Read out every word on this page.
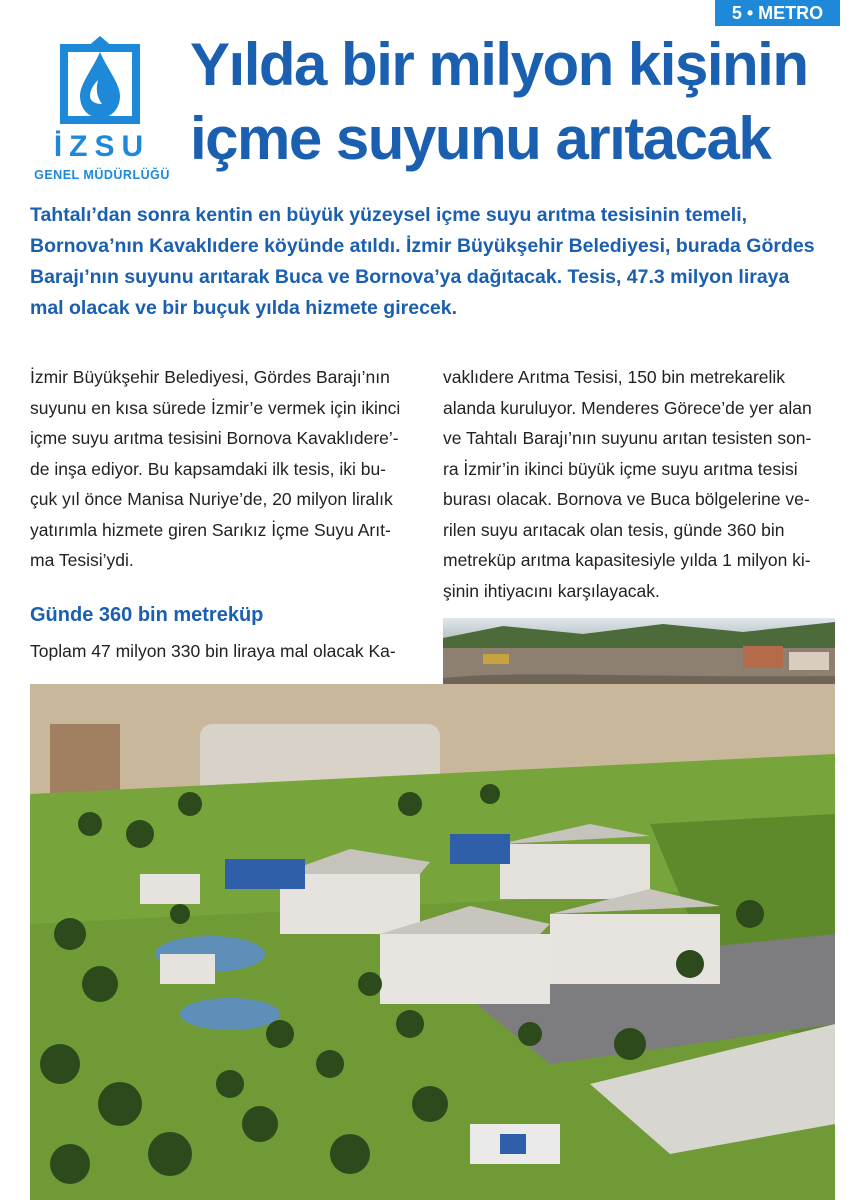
5 • METRO
İZSU
GENEL MÜDÜRLÜĞÜ
Yılda bir milyon kişinin
içme suyunu arıtacak
Tahtalı’dan sonra kentin en büyük yüzeysel içme suyu arıtma tesisinin temeli,
Bornova’nın Kavaklıdere köyünde atıldı. İzmir Büyükşehir Belediyesi, burada Gördes
Barajı’nın suyunu arıtarak Buca ve Bornova’ya dağıtacak. Tesis, 47.3 milyon liraya
mal olacak ve bir buçuk yılda hizmete girecek.
İzmir Büyükşehir Belediyesi, Gördes Barajı’nın
suyunu en kısa sürede İzmir’e vermek için ikinci
içme suyu arıtma tesisini Bornova Kavaklıdere’-
de inşa ediyor. Bu kapsamdaki ilk tesis, iki bu-
çuk yıl önce Manisa Nuriye’de, 20 milyon liralık
yatırımla hizmete giren Sarıkız İçme Suyu Arıt-
ma Tesisi’ydi.
Günde 360 bin metreküp
Toplam 47 milyon 330 bin liraya mal olacak Ka-
vaklıdere Arıtma Tesisi, 150 bin metrekarelik
alanda kuruluyor. Menderes Görece’de yer alan
ve Tahtalı Barajı’nın suyunu arıtan tesisten son-
ra İzmir’in ikinci büyük içme suyu arıtma tesisi
burası olacak. Bornova ve Buca bölgelerine ve-
rilen suyu arıtacak olan tesis, günde 360 bin
metreküp arıtma kapasitesiyle yılda 1 milyon ki-
şinin ihtiyacını karşılayacak.
